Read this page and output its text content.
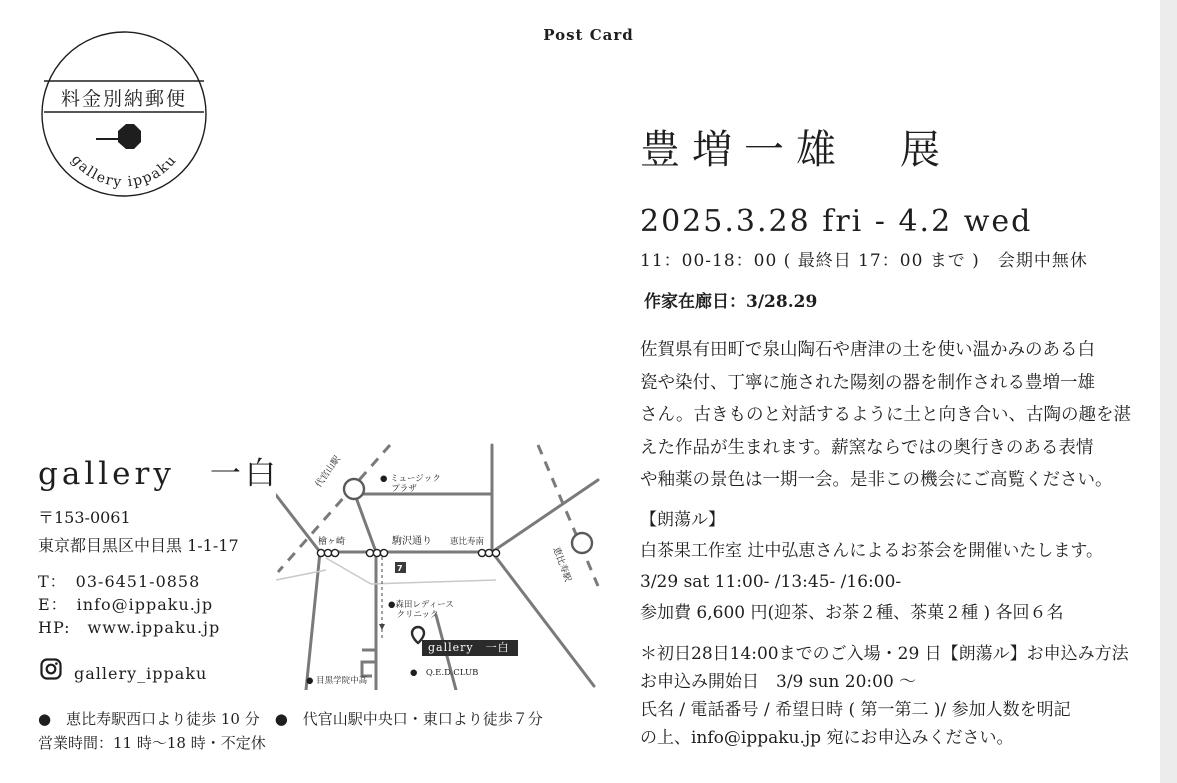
Post Card
gallery ippaku
料金別納郵便
豊増一雄　展
2025.3.28 fri - 4.2 wed
11：00-18：00 ( 最終日 17：00 まで )　会期中無休
作家在廊日：3/28.29
佐賀県有田町で泉山陶石や唐津の土を使い温かみのある白
瓷や染付、丁寧に施された陽刻の器を制作される豊増一雄
さん。古きものと対話するように土と向き合い、古陶の趣を湛
えた作品が生まれます。薪窯ならではの奥行きのある表情
や釉薬の景色は一期一会。是非この機会にご高覧ください。
【朗蕩ル】
白茶果工作室 辻中弘恵さんによるお茶会を開催いたします。
3/29 sat 11:00- /13:45- /16:00-
参加費 6,600 円(迎茶、お茶２種、茶菓２種 ) 各回６名
＊初日28日14:00までのご入場・29 日【朗蕩ル】お申込み方法
お申込み開始日　3/9 sun 20:00 〜
氏名 / 電話番号 / 希望日時 ( 第一第二 )/ 参加人数を明記
の上、info@ippaku.jp 宛にお申込みください。
gallery　一白
〒153-0061
東京都目黒区中目黒 1-1-17
T：　03-6451-0858
E：　info@ippaku.jp
HP:　www.ippaku.jp
gallery_ippaku
●　恵比寿駅西口より徒歩 10 分　●　代官山駅中央口・東口より徒歩７分
営業時間：11 時〜18 時・不定休
7
代官山駅
恵比寿駅
● ミュージック
　 プラザ
檜ヶ崎	駒沢通り 恵比寿南
●森田レディース
　クリニック
gallery　一白
● 目黒学院中高
●　Q.E.D.CLUB
